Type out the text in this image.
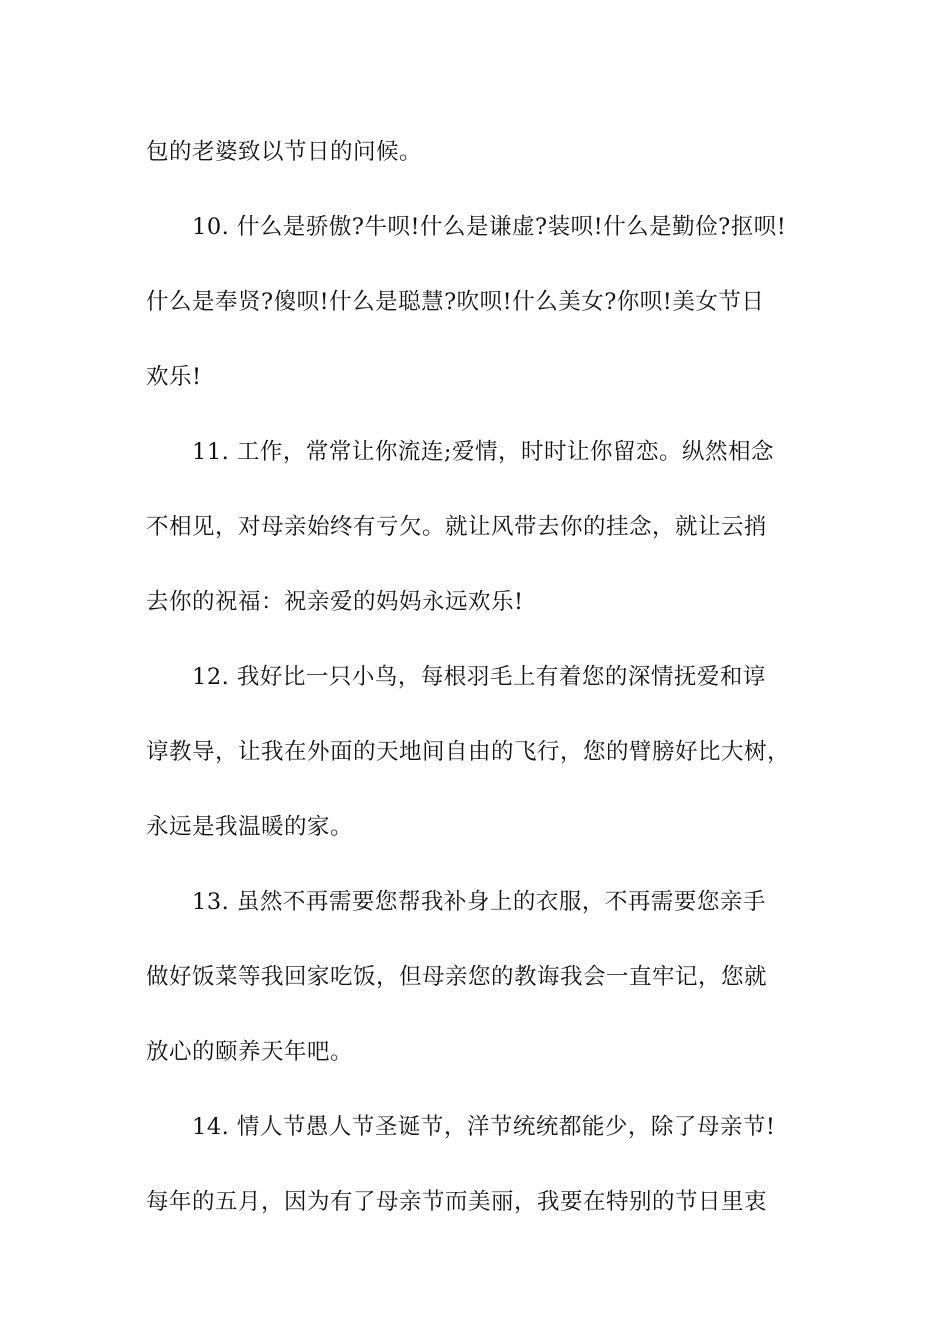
包的老婆致以节日的问候。
10. 什么是骄傲?牛呗!什么是谦虚?装呗!什么是勤俭?抠呗!
什么是奉贤?傻呗!什么是聪慧?吹呗!什么美女?你呗!美女节日
欢乐!
11. 工作，常常让你流连;爱情，时时让你留恋。纵然相念
不相见，对母亲始终有亏欠。就让风带去你的挂念，就让云捎
去你的祝福：祝亲爱的妈妈永远欢乐!
12. 我好比一只小鸟，每根羽毛上有着您的深情抚爱和谆
谆教导，让我在外面的天地间自由的飞行，您的臂膀好比大树，
永远是我温暖的家。
13. 虽然不再需要您帮我补身上的衣服，不再需要您亲手
做好饭菜等我回家吃饭，但母亲您的教诲我会一直牢记，您就
放心的颐养天年吧。
14. 情人节愚人节圣诞节，洋节统统都能少，除了母亲节!
每年的五月，因为有了母亲节而美丽，我要在特别的节日里衷
